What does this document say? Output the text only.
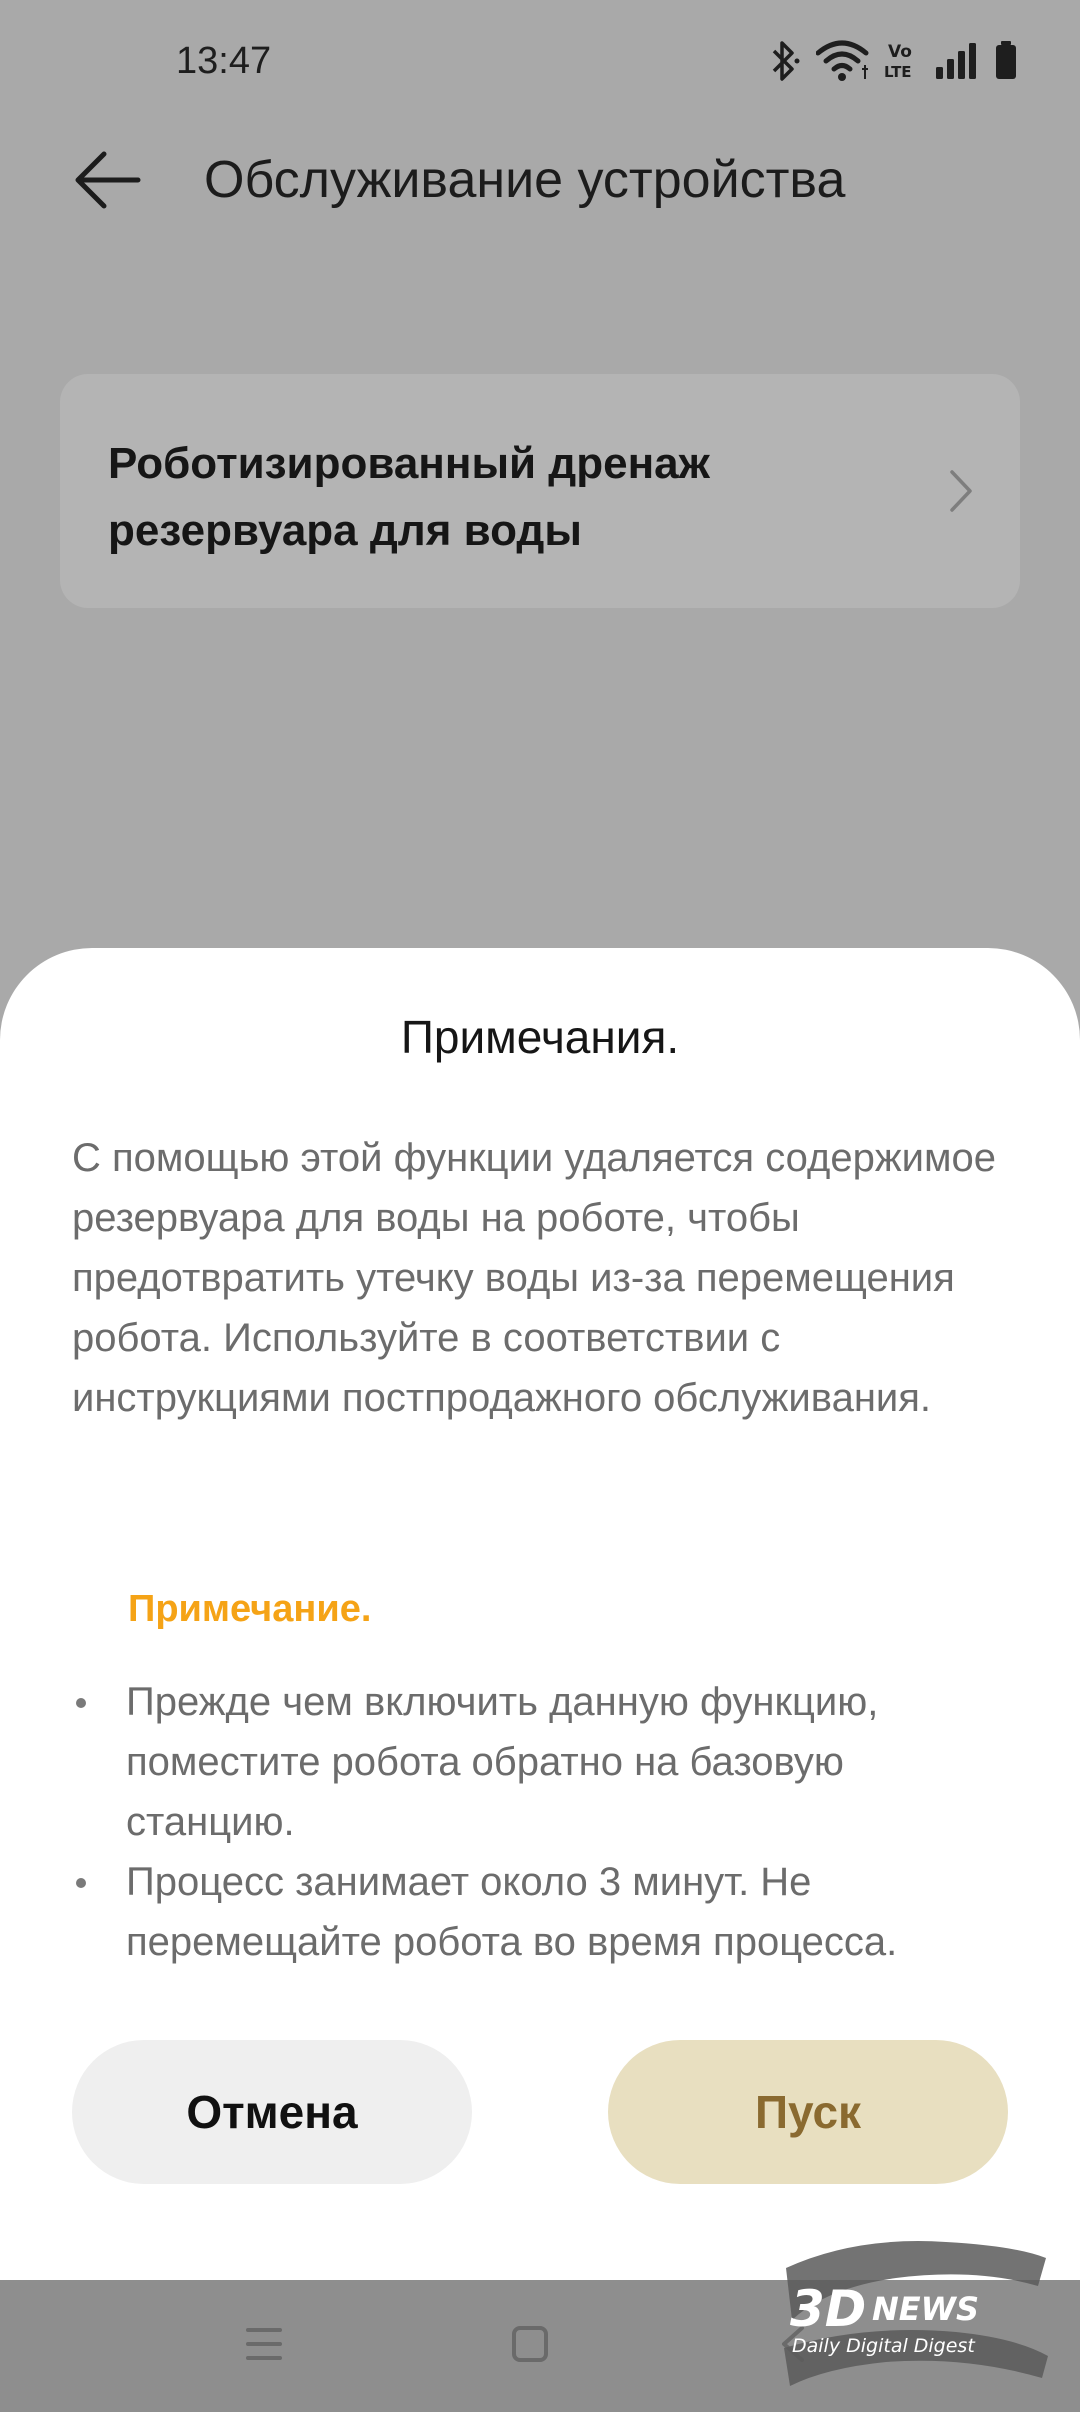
13:47	Vo
LTE
Обслуживание устройства
Роботизированный дренаж резервуара для воды
Примечания.
С помощью этой функции удаляется содержимое резервуара для воды на роботе, чтобы предотвратить утечку воды из-за перемещения робота. Используйте в соответствии с инструкциями постпродажного обслуживания.
Примечание.
Прежде чем включить данную функцию, поместите робота обратно на базовую станцию.
Процесс занимает около 3 минут. Не перемещайте робота во время процесса.
Отмена	Пуск
3D NEWS
Daily Digital Digest
